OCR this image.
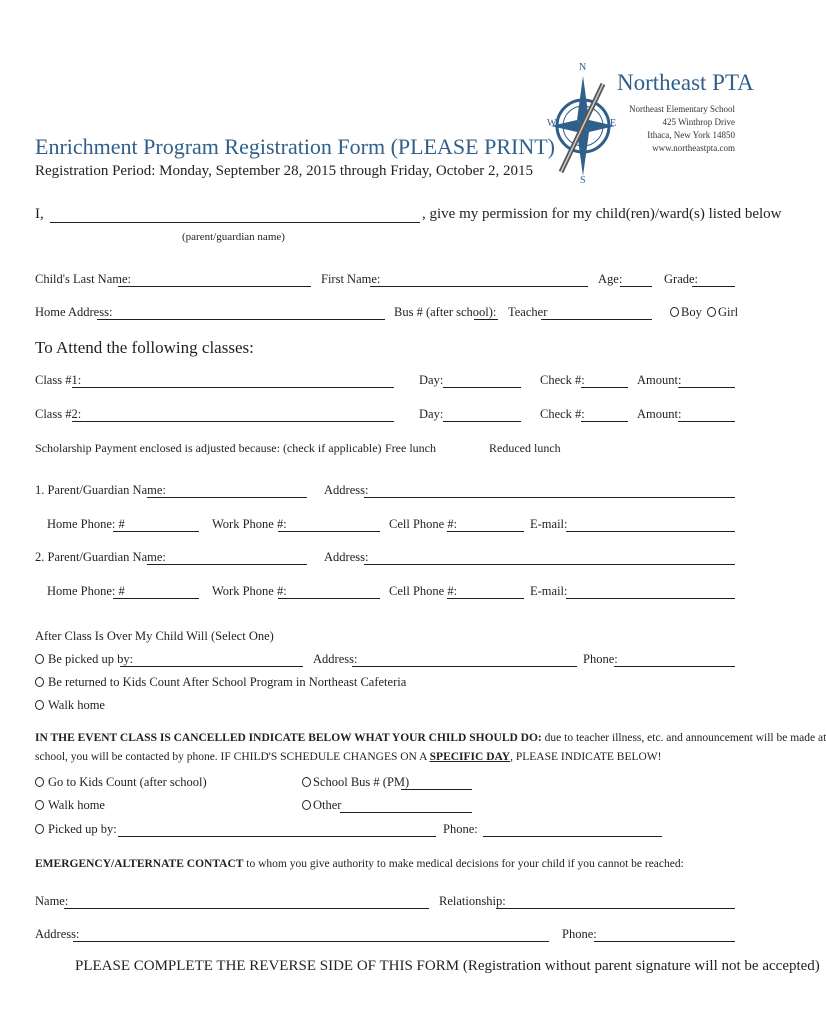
N
S
W	E
Northeast PTA
Northeast Elementary School
425 Winthrop Drive
Ithaca, New York 14850
www.northeastpta.com
Enrichment Program Registration Form (PLEASE PRINT)
Registration Period: Monday, September 28, 2015 through Friday, October 2, 2015
I,	, give my permission for my child(ren)/ward(s) listed below
(parent/guardian name)
Child's Last Name:	First Name:	Age:	Grade:
Home Address:	Bus # (after school): Teacher	Boy Girl
To Attend the following classes:
Class #1:	Day:	Check #:	Amount:
Class #2:	Day:	Check #:	Amount:
Scholarship Payment enclosed is adjusted because: (check if applicable) Free lunch	Reduced lunch
1. Parent/Guardian Name:	Address:
Home Phone: #	Work Phone #:	Cell Phone #:	E-mail:
2. Parent/Guardian Name:	Address:
Home Phone: #	Work Phone #:	Cell Phone #:	E-mail:
After Class Is Over My Child Will (Select One)
Be picked up by:	Address:	Phone:
Be returned to Kids Count After School Program in Northeast Cafeteria
Walk home
IN THE EVENT CLASS IS CANCELLED INDICATE BELOW WHAT YOUR CHILD SHOULD DO: due to teacher illness, etc. and announcement will be made at
school, you will be contacted by phone. IF CHILD'S SCHEDULE CHANGES ON A SPECIFIC DAY, PLEASE INDICATE BELOW!
Go to Kids Count (after school)	School Bus # (PM)
Walk home	Other
Picked up by:	Phone:
EMERGENCY/ALTERNATE CONTACT to whom you give authority to make medical decisions for your child if you cannot be reached:
Name:	Relationship:
Address:	Phone:
PLEASE COMPLETE THE REVERSE SIDE OF THIS FORM (Registration without parent signature will not be accepted)
